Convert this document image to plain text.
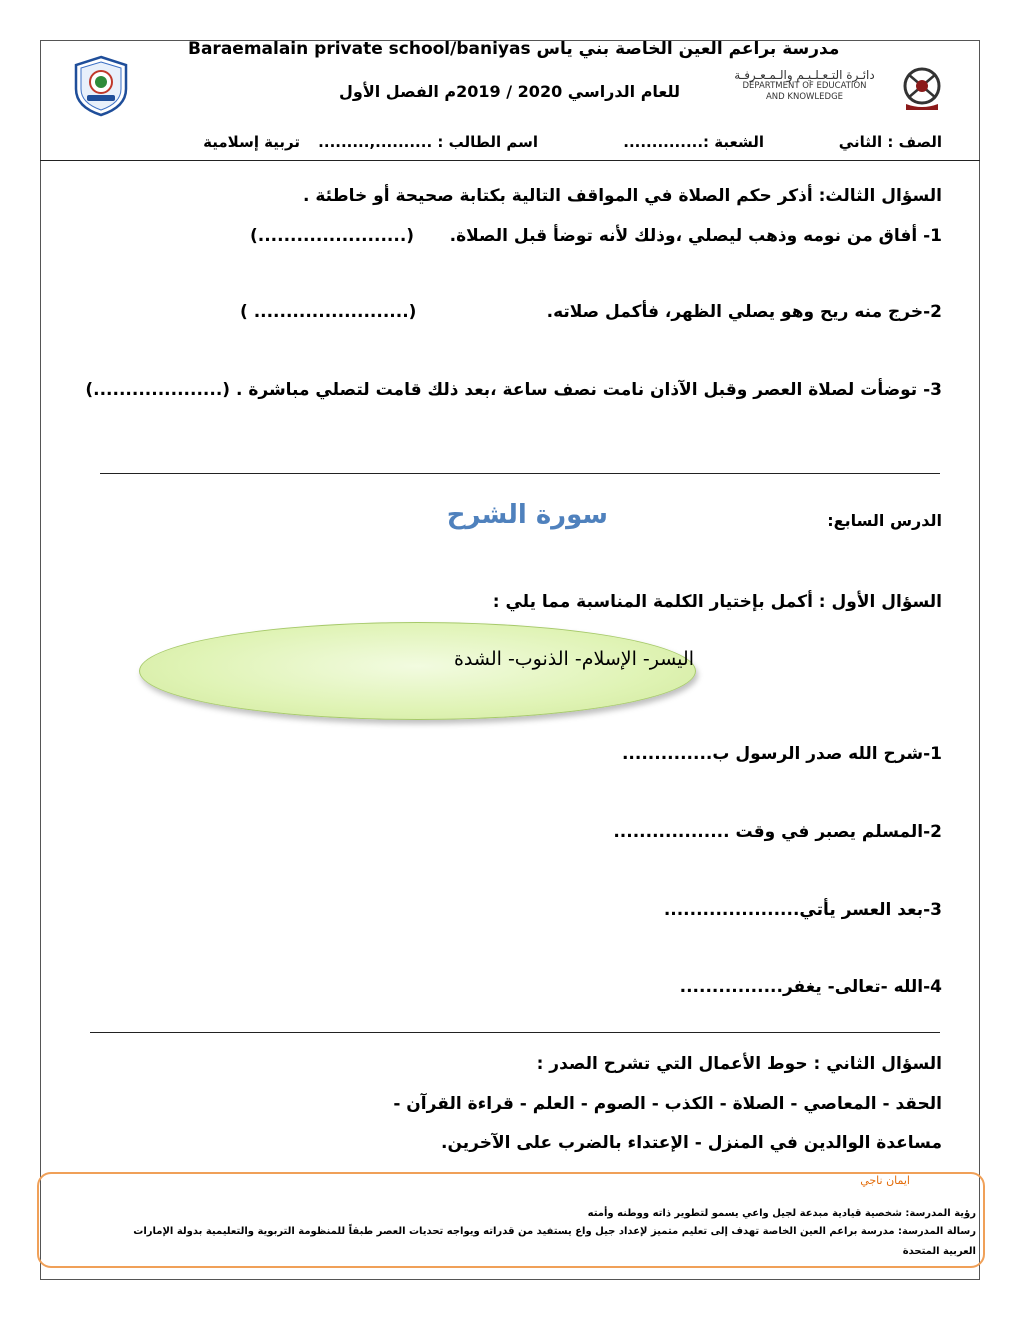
Baraemalain private school/baniyas مدرسة براعم العين الخاصة بني ياس
للعام الدراسي 2020 / 2019م الفصل الأول
دائـرة التـعـلـيـم والـمـعـرفـة
DEPARTMENT OF EDUCATION
AND KNOWLEDGE
الصف : الثاني
الشعبة :..............
اسم الطالب : ..........,.........
تربية إسلامية
السؤال الثالث: أذكر حكم الصلاة في المواقف التالية بكتابة صحيحة أو خاطئة .
1- أفاق من نومه وذهب ليصلي ،وذلك لأنه توضأ قبل الصلاة.
(.......................)
2-خرج منه ريح وهو يصلي الظهر، فأكمل صلاته.
( ........................)
3- توضأت لصلاة العصر وقبل الآذان نامت نصف ساعة ،بعد ذلك قامت لتصلي مباشرة . (....................)
الدرس السابع:
سورة الشرح
السؤال الأول : أكمل بإختيار الكلمة المناسبة مما يلي :
اليسر- الإسلام- الذنوب- الشدة
1-شرح الله صدر الرسول ب..............
2-المسلم يصبر في وقت ..................
3-بعد العسر يأتي.....................
4-الله -تعالى- يغفر................
السؤال الثاني : حوط الأعمال التي تشرح الصدر :
الحقد - المعاصي - الصلاة - الكذب - الصوم - العلم - قراءة القرآن -
مساعدة الوالدين في المنزل - الإعتداء بالضرب على الآخرين.
ايمان ناجي
رؤية المدرسة: شخصية قيادية مبدعة لجيل واعي يسمو لتطوير ذاته ووطنه وأمته
رسالة المدرسة: مدرسة براعم العين الخاصة تهدف إلى تعليم متميز لإعداد جيل واع يستفيد من قدراته ويواجه تحديات العصر طبقاً للمنظومة التربوية والتعليمية بدولة الإمارات
العربية المتحدة
